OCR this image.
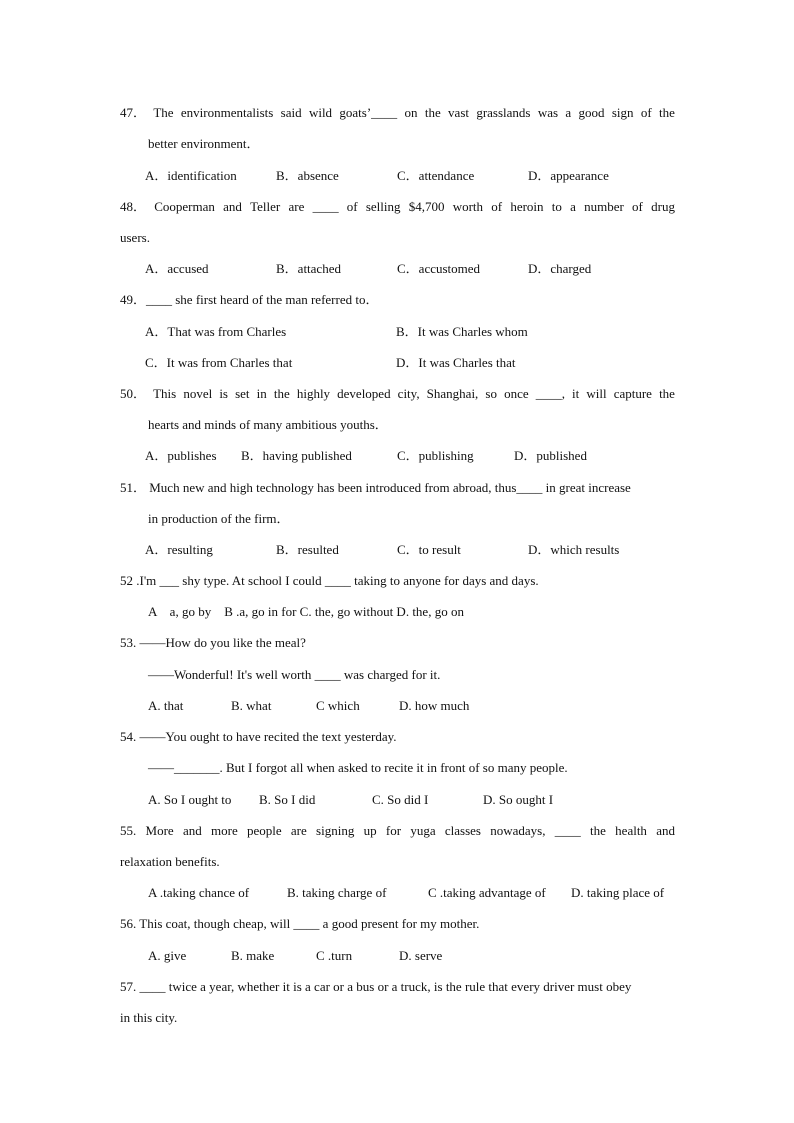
47． The environmentalists said wild goats’____ on the vast grasslands was a good sign of the
better environment．
A．identification	B．absence	C．attendance	D．appearance
48． Cooperman and Teller are ____ of selling $4,700 worth of heroin to a number of drug
users.
A．accused	B．attached	C．accustomed	D．charged
49．____ she first heard of the man referred to．
A．That was from Charles	B．It was Charles whom
C．It was from Charles that	D．It was Charles that
50． This novel is set in the highly developed city, Shanghai, so once ____, it will capture the
hearts and minds of many ambitious youths．
A．publishes B．having published	C．publishing	D．published
51． Much new and high technology has been introduced from abroad, thus____ in great increase
in production of the firm．
A．resulting	B．resulted	C．to result	D．which results
52 .I'm ___ shy type. At school I could ____ taking to anyone for days and days.
A　a, go by　B .a, go in for C. the, go without D. the, go on
53. ——How do you like the meal?
——Wonderful! It's well worth ____ was charged for it.
A. that	B. what	C which	D. how much
54. ——You ought to have recited the text yesterday.
——_______. But I forgot all when asked to recite it in front of so many people.
A. So I ought to B. So I did	C. So did I	D. So ought I
55. More and more people are signing up for yuga classes nowadays, ____ the health and
relaxation benefits.
A .taking chance of	B. taking charge of	C .taking advantage of D. taking place of
56. This coat, though cheap, will ____ a good present for my mother.
A. give	B. make	C .turn	D. serve
57. ____ twice a year, whether it is a car or a bus or a truck, is the rule that every driver must obey
in this city.
